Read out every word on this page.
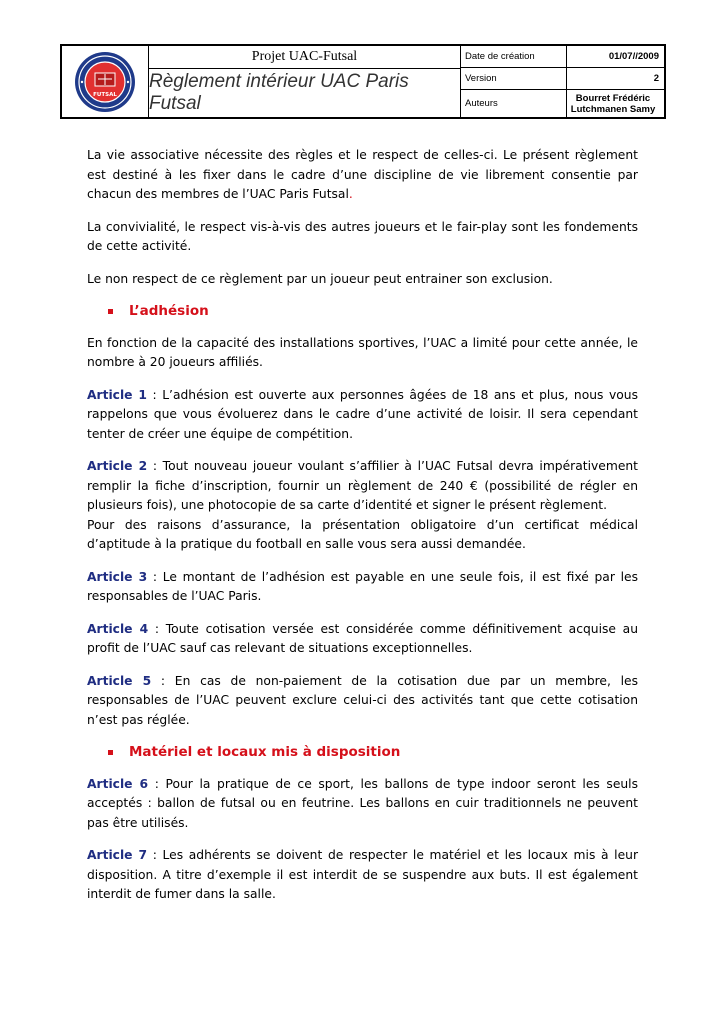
FUTSAL
Projet UAC-Futsal
Règlement intérieur UAC Paris Futsal
Date de création	01/07//2009
Version	2
Auteurs	Bourret Frédéric
Lutchmanen Samy

La vie associative nécessite des règles et le respect de celles-ci. Le présent règlement est destiné à les fixer dans le cadre d’une discipline de vie librement consentie par chacun des membres de l’UAC Paris Futsal.

La convivialité, le respect vis-à-vis des autres joueurs et le fair-play sont les fondements de cette activité.

Le non respect de ce règlement par un joueur peut entrainer son exclusion.

L’adhésion

En fonction de la capacité des installations sportives, l’UAC a limité pour cette année, le nombre à 20 joueurs affiliés.

Article 1 : L’adhésion est ouverte aux personnes âgées de 18 ans et plus, nous vous rappelons que vous évoluerez dans le cadre d’une activité de loisir. Il sera cependant tenter de créer une équipe de compétition.

Article 2 : Tout nouveau joueur voulant s’affilier à l’UAC Futsal devra impérativement remplir la fiche d’inscription, fournir un règlement de 240 € (possibilité de régler en plusieurs fois), une photocopie de sa carte d’identité et signer le présent règlement.
Pour des raisons d’assurance, la présentation obligatoire d’un certificat médical d’aptitude à la pratique du football en salle vous sera aussi demandée.

Article 3 : Le montant de l’adhésion est payable en une seule fois, il est fixé par les responsables de l’UAC Paris.

Article 4 : Toute cotisation versée est considérée comme définitivement acquise au profit de l’UAC sauf cas relevant de situations exceptionnelles.

Article 5 : En cas de non-paiement de la cotisation due par un membre, les responsables de l’UAC peuvent exclure celui-ci des activités tant que cette cotisation n’est pas réglée.

Matériel et locaux mis à disposition

Article 6 : Pour la pratique de ce sport, les ballons de type indoor seront les seuls acceptés : ballon de futsal ou en feutrine. Les ballons en cuir traditionnels ne peuvent pas être utilisés.

Article 7 : Les adhérents se doivent de respecter le matériel et les locaux mis à leur disposition. A titre d’exemple il est interdit de se suspendre aux buts. Il est également interdit de fumer dans la salle.
